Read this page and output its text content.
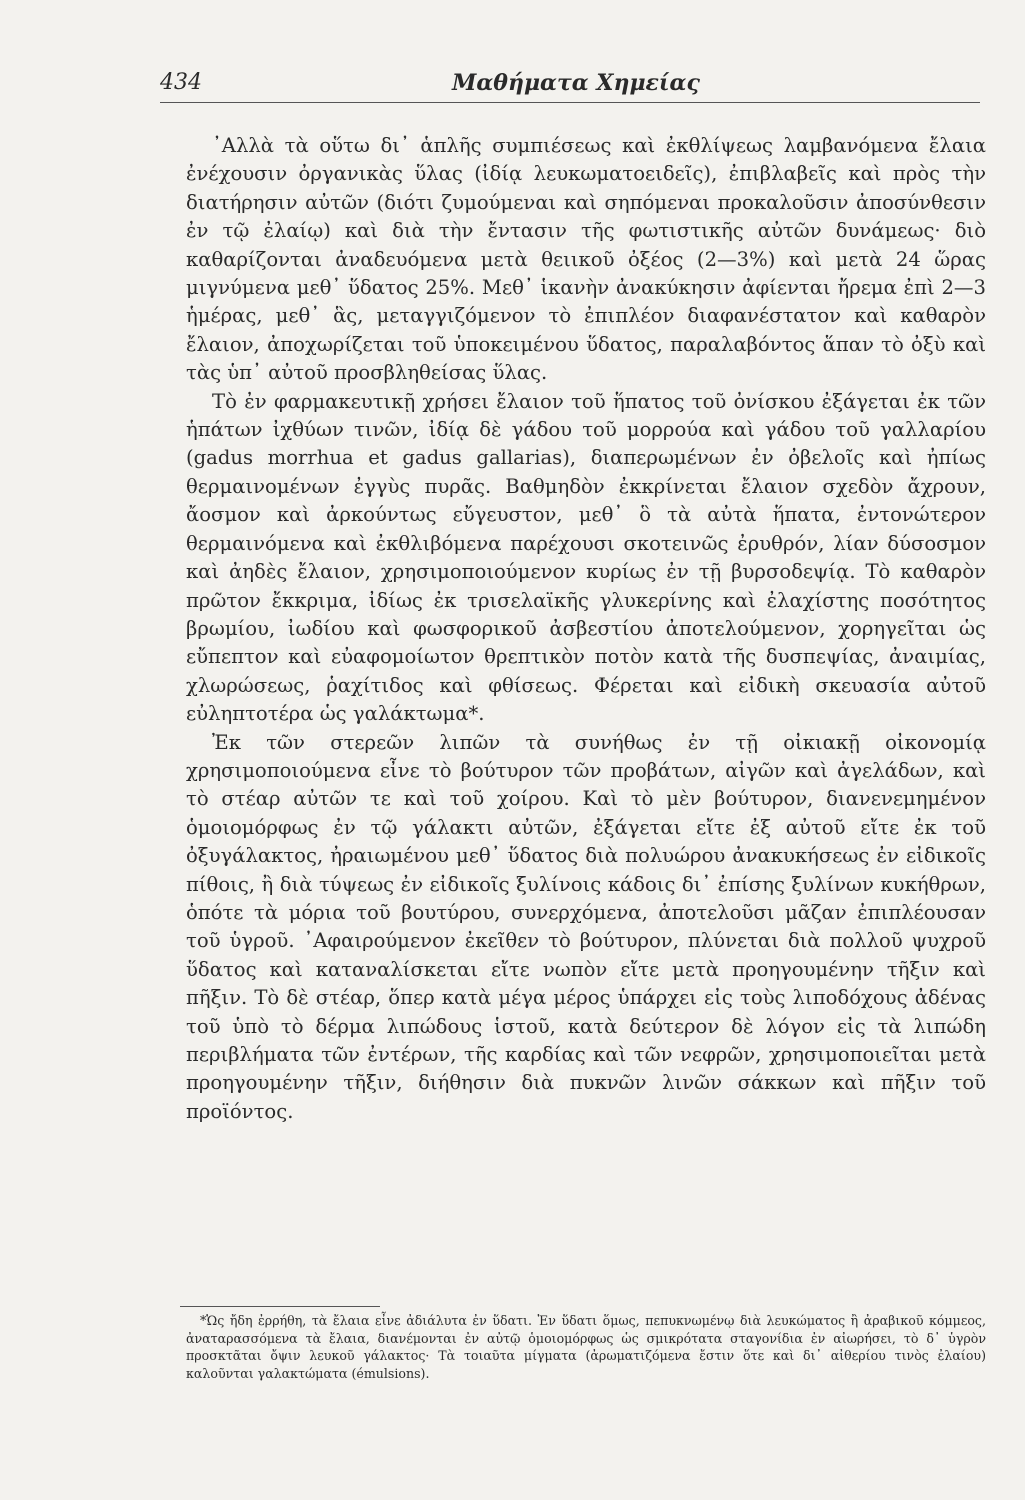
434	Μαθήματα Χημείας

᾿Αλλὰ τὰ οὕτω δι᾿ ἁπλῆς συμπιέσεως καὶ ἐκθλίψεως λαμβανόμενα ἔλαια ἐνέχουσιν ὀργανικὰς ὕλας (ἰδίᾳ λευκωματοειδεῖς), ἐπιβλαβεῖς καὶ πρὸς τὴν διατήρησιν αὐτῶν (διότι ζυμούμεναι καὶ σηπόμεναι προκαλοῦσιν ἀποσύνθεσιν ἐν τῷ ἐλαίῳ) καὶ διὰ τὴν ἔντασιν τῆς φωτιστικῆς αὐτῶν δυνάμεως· διὸ καθαρίζονται ἀναδευόμενα μετὰ θειικοῦ ὀξέος (2—3%) καὶ μετὰ 24 ὥρας μιγνύμενα μεθ᾿ ὕδατος 25%. Μεθ᾿ ἱκανὴν ἀνακύκησιν ἀφίενται ἤρεμα ἐπὶ 2—3 ἡμέρας, μεθ᾿ ἃς, μεταγγιζόμενον τὸ ἐπιπλέον διαφανέστατον καὶ καθαρὸν ἔλαιον, ἀποχωρίζεται τοῦ ὑποκειμένου ὕδατος, παραλαβόντος ἅπαν τὸ ὀξὺ καὶ τὰς ὑπ᾿ αὐτοῦ προσβληθείσας ὕλας.

Τὸ ἐν φαρμακευτικῇ χρήσει ἔλαιον τοῦ ἥπατος τοῦ ὀνίσκου ἐξάγεται ἐκ τῶν ἡπάτων ἰχθύων τινῶν, ἰδίᾳ δὲ γάδου τοῦ μορρούα καὶ γάδου τοῦ γαλλαρίου (gadus morrhua et gadus gallarias), διαπερωμένων ἐν ὀβελοῖς καὶ ἠπίως θερμαινομένων ἐγγὺς πυρᾶς. Βαθμηδὸν ἐκκρίνεται ἔλαιον σχεδὸν ἄχρουν, ἄοσμον καὶ ἀρκούντως εὔγευστον, μεθ᾿ ὃ τὰ αὐτὰ ἥπατα, ἐντονώτερον θερμαινόμενα καὶ ἐκθλιβόμενα παρέχουσι σκοτεινῶς ἐρυθρόν, λίαν δύσοσμον καὶ ἀηδὲς ἔλαιον, χρησιμοποιούμενον κυρίως ἐν τῇ βυρσοδεψίᾳ. Τὸ καθαρὸν πρῶτον ἔκκριμα, ἰδίως ἐκ τρισελαϊκῆς γλυκερίνης καὶ ἐλαχίστης ποσότητος βρωμίου, ἰωδίου καὶ φωσφορικοῦ ἀσβεστίου ἀποτελούμενον, χορηγεῖται ὡς εὔπεπτον καὶ εὐαφομοίωτον θρεπτικὸν ποτὸν κατὰ τῆς δυσπεψίας, ἀναιμίας, χλωρώσεως, ῥαχίτιδος καὶ φθίσεως. Φέρεται καὶ εἰδικὴ σκευασία αὐτοῦ εὐληπτοτέρα ὡς γαλάκτωμα*.

Ἐκ τῶν στερεῶν λιπῶν τὰ συνήθως ἐν τῇ οἰκιακῇ οἰκονομίᾳ χρησιμοποιούμενα εἶνε τὸ βούτυρον τῶν προβάτων, αἰγῶν καὶ ἀγελάδων, καὶ τὸ στέαρ αὐτῶν τε καὶ τοῦ χοίρου. Καὶ τὸ μὲν βούτυρον, διανενεμημένον ὁμοιομόρφως ἐν τῷ γάλακτι αὐτῶν, ἐξάγεται εἴτε ἐξ αὐτοῦ εἴτε ἐκ τοῦ ὀξυγάλακτος, ἠραιωμένου μεθ᾿ ὕδατος διὰ πολυώρου ἀνακυκήσεως ἐν εἰδικοῖς πίθοις, ἢ διὰ τύψεως ἐν εἰδικοῖς ξυλίνοις κάδοις δι᾿ ἐπίσης ξυλίνων κυκήθρων, ὁπότε τὰ μόρια τοῦ βουτύρου, συνερχόμενα, ἀποτελοῦσι μᾶζαν ἐπιπλέουσαν τοῦ ὑγροῦ. ᾿Αφαιρούμενον ἐκεῖθεν τὸ βούτυρον, πλύνεται διὰ πολλοῦ ψυχροῦ ὕδατος καὶ καταναλίσκεται εἴτε νωπὸν εἴτε μετὰ προηγουμένην τῆξιν καὶ πῆξιν. Τὸ δὲ στέαρ, ὅπερ κατὰ μέγα μέρος ὑπάρχει εἰς τοὺς λιποδόχους ἀδένας τοῦ ὑπὸ τὸ δέρμα λιπώδους ἱστοῦ, κατὰ δεύτερον δὲ λόγον εἰς τὰ λιπώδη περιβλήματα τῶν ἐντέρων, τῆς καρδίας καὶ τῶν νεφρῶν, χρησιμοποιεῖται μετὰ προηγουμένην τῆξιν, διήθησιν διὰ πυκνῶν λινῶν σάκκων καὶ πῆξιν τοῦ προϊόντος.

*Ὡς ἤδη ἐρρήθη, τὰ ἔλαια εἶνε ἀδιάλυτα ἐν ὕδατι. Ἐν ὕδατι ὅμως, πεπυκνωμένῳ διὰ λευκώματος ἢ ἀραβικοῦ κόμμεος, ἀναταρασσόμενα τὰ ἔλαια, διανέμονται ἐν αὐτῷ ὁμοιομόρφως ὡς σμικρότατα σταγονίδια ἐν αἰωρήσει, τὸ δ᾿ ὑγρὸν προσκτᾶται ὄψιν λευκοῦ γάλακτος· Τὰ τοιαῦτα μίγματα (ἀρωματιζόμενα ἔστιν ὅτε καὶ δι᾿ αἰθερίου τινὸς ἐλαίου) καλοῦνται γαλακτώματα (émulsions).
